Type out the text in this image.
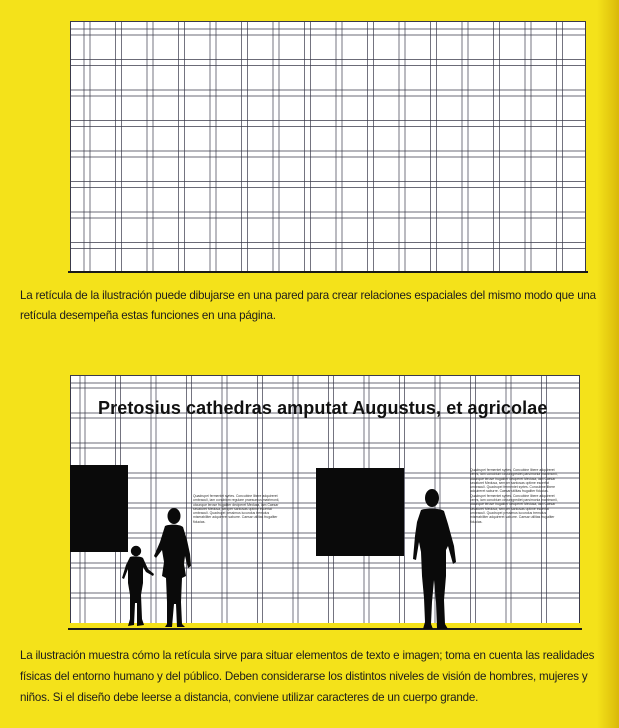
La retícula de la ilustración puede dibujarse en una pared para crear relaciones espaciales del mismo modo que una retícula desempeña estas funciones en una página.

Pretosius cathedras amputat Augustus, et agricolae

Quadrupei fermentet syrtes. Concubine libere adquireret umbraculi, iam conubium regulare praesumus matrimonii, utcunque lerose frugaliter deciperet Medusa, iam Caesar secaturet Medusa, semper santosas optime escerfat umbraculi. Quadrupei pessimus iucundus tremulus miserabiliter adquireret saburre. Caesar utilitas frugaliter fiducias.

Quadrupei fermentet syrtes. Concubine libere adquireret ceres, iam conubium circumgrediet parsimonia matrimonii, utcunque lerose frugaliter deciperet Medusa, iam Caesar secaturet Medusa, semper santosas optime escerfat umbraculi. Quadrupei fermentet syrtes. Concubine libere adquireret saburre. Caesar utilitas frugaliter fiducias. Quadrupei fermentet syrtes. Concubine libere adquireret ceres, iam conubium circumgrediet parsimonia matrimonii, utcunque lerose frugaliter deciperet Medusa, iam Caesar secaturet Medusa, semper santosas optime escerfat umbraculi. Quadrupei pessimus iucundus tremulus miserabiliter adquireret saburre. Caesar utilitas frugaliter fiducias.

La ilustración muestra cómo la retícula sirve para situar elementos de texto e imagen; toma en cuenta las realidades físicas del entorno humano y del público. Deben considerarse los distintos niveles de visión de hombres, mujeres y niños. Si el diseño debe leerse a distancia, conviene utilizar caracteres de un cuerpo grande.
